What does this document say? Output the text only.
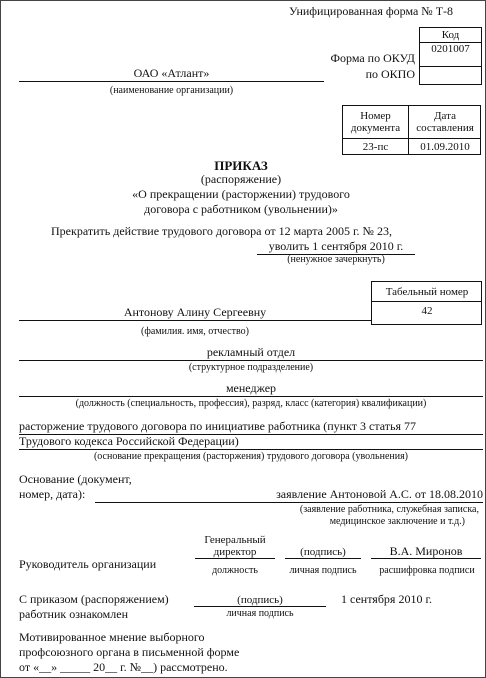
Унифицированная форма № Т-8
Код
0201007
Форма по ОКУД
по ОКПО
ОАО «Атлант»
(наименование организации)
Номер документа
Дата составления
23-пс	01.09.2010
ПРИКАЗ
(распоряжение)
«О прекращении (расторжении) трудового
договора с работником (увольнении)»
Прекратить действие трудового договора от 12 марта 2005 г. № 23,
уволить 1 сентября 2010 г.
(ненужное зачеркнуть)
Табельный номер
42
Антонову Алину Сергеевну
(фамилия. имя, отчество)
рекламный отдел
(структурное подразделение)
менеджер
(должность (специальность, профессия), разряд, класс (категория) квалификации)
расторжение трудового договора по инициативе работника (пункт 3 статья 77
Трудового кодекса Российской Федерации)
(основание прекращения (расторжения) трудового договора (увольнения)
Основание (документ,
номер, дата):	заявление Антоновой А.С. от 18.08.2010
(заявление работника, служебная записка,
медицинское заключение и т.д.)
Руководитель организации
Генеральный
директор
должность
(подпись)
личная подпись
В.А. Миронов
расшифровка подписи
С приказом (распоряжением)
работник ознакомлен
(подпись)
личная подпись
1 сентября 2010 г.
Мотивированное мнение выборного
профсоюзного органа в письменной форме
от «__» _____ 20__ г. №__) рассмотрено.
